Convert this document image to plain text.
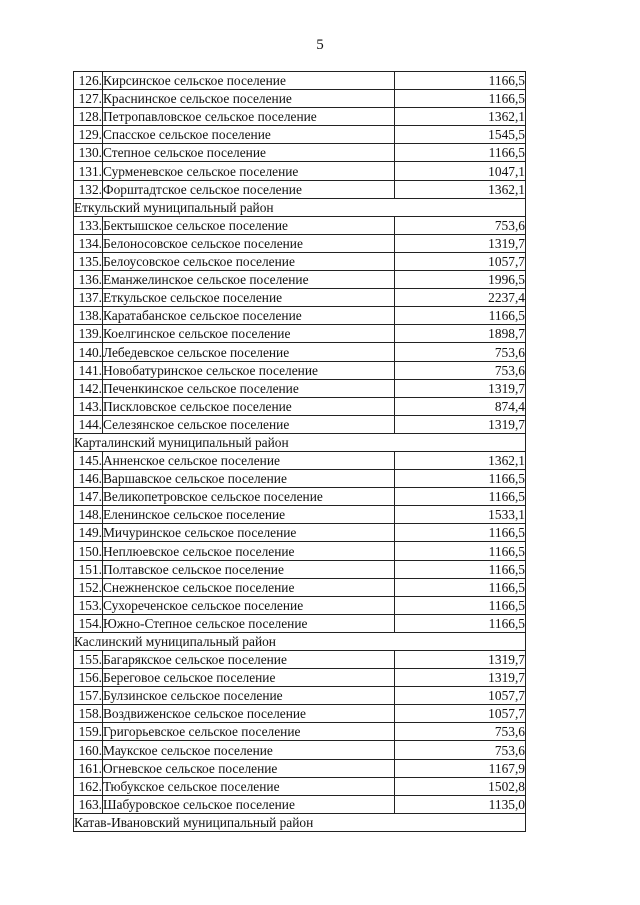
5
126.	Кирсинское сельское поселение	1166,5
127.	Краснинское сельское поселение	1166,5
128.	Петропавловское сельское поселение	1362,1
129.	Спасское сельское поселение	1545,5
130.	Степное сельское поселение	1166,5
131.	Сурменевское сельское поселение	1047,1
132.	Форштадтское сельское поселение	1362,1
Еткульский муниципальный район		
133.	Бектышское сельское поселение	753,6
134.	Белоносовское сельское поселение	1319,7
135.	Белоусовское сельское поселение	1057,7
136.	Еманжелинское сельское поселение	1996,5
137.	Еткульское сельское поселение	2237,4
138.	Каратабанское сельское поселение	1166,5
139.	Коелгинское сельское поселение	1898,7
140.	Лебедевское сельское поселение	753,6
141.	Новобатуринское сельское поселение	753,6
142.	Печенкинское сельское поселение	1319,7
143.	Пискловское сельское поселение	874,4
144.	Селезянское сельское поселение	1319,7
Карталинский муниципальный район		
145.	Анненское сельское поселение	1362,1
146.	Варшавское сельское поселение	1166,5
147.	Великопетровское сельское поселение	1166,5
148.	Еленинское сельское поселение	1533,1
149.	Мичуринское сельское поселение	1166,5
150.	Неплюевское сельское поселение	1166,5
151.	Полтавское сельское поселение	1166,5
152.	Снежненское сельское поселение	1166,5
153.	Сухореченское сельское поселение	1166,5
154.	Южно-Степное сельское поселение	1166,5
Каслинский муниципальный район		
155.	Багарякское сельское поселение	1319,7
156.	Береговое сельское поселение	1319,7
157.	Булзинское сельское поселение	1057,7
158.	Воздвиженское сельское поселение	1057,7
159.	Григорьевское сельское поселение	753,6
160.	Маукское сельское поселение	753,6
161.	Огневское сельское поселение	1167,9
162.	Тюбукское сельское поселение	1502,8
163.	Шабуровское сельское поселение	1135,0
Катав-Ивановский муниципальный район		
